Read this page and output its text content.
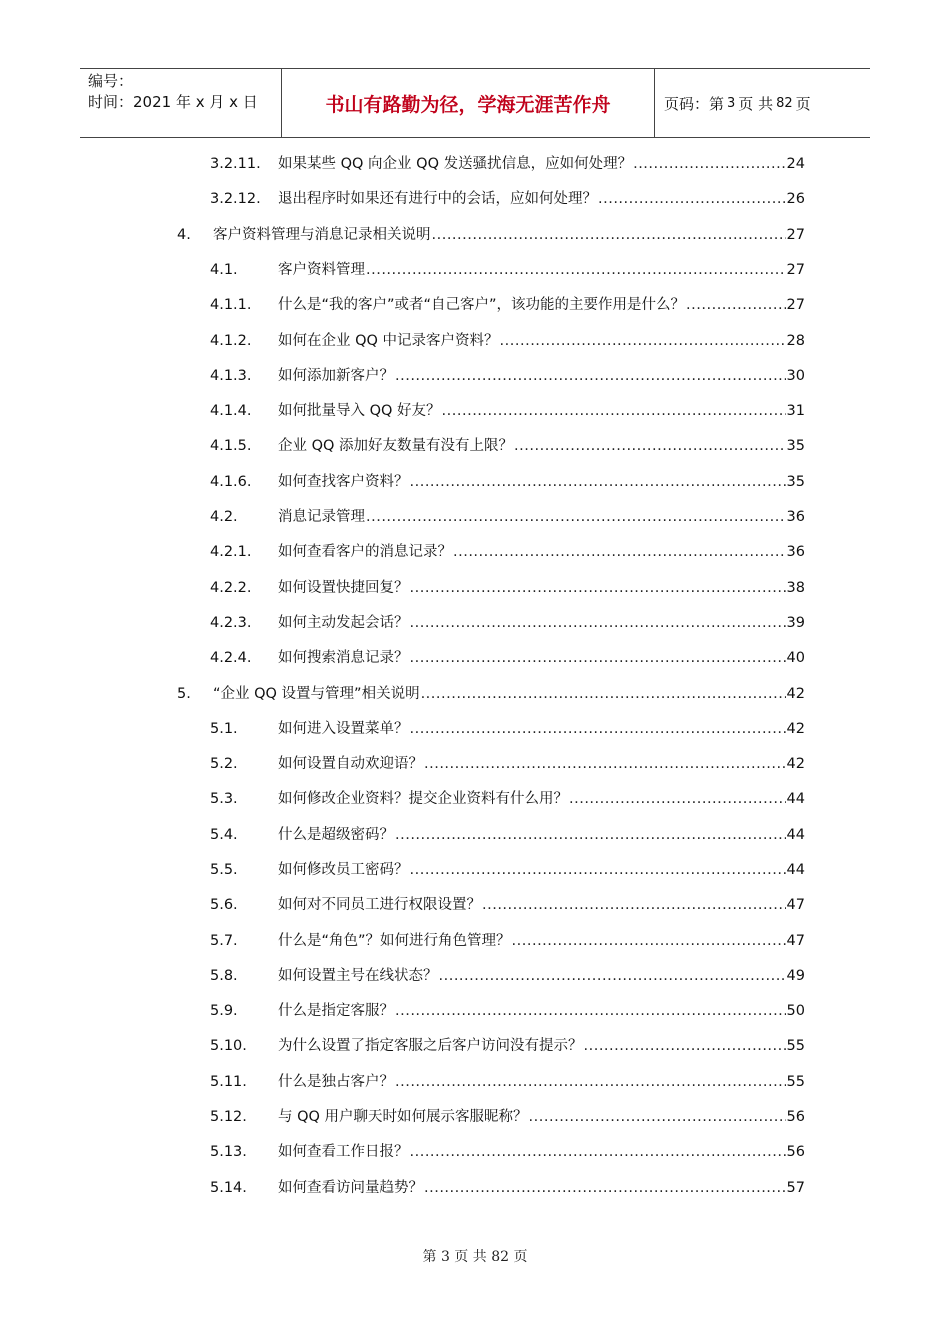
编号：
时间：2021 年 x 月 x 日	书山有路勤为径，学海无涯苦作舟	页码：第 3 页 共 82 页
3.2.11.	如果某些 QQ 向企业 QQ 发送骚扰信息，应如何处理？ .....	24
3.2.12.	退出程序时如果还有进行中的会话，应如何处理？ .....	26
4.	客户资料管理与消息记录相关说明 .....	27
4.1.	客户资料管理 .....	27
4.1.1.	什么是“我的客户”或者“自己客户”，该功能的主要作用是什么？ .....	27
4.1.2.	如何在企业 QQ 中记录客户资料？ .....	28
4.1.3.	如何添加新客户？ .....	30
4.1.4.	如何批量导入 QQ 好友？ .....	31
4.1.5.	企业 QQ 添加好友数量有没有上限？ .....	35
4.1.6.	如何查找客户资料？ .....	35
4.2.	消息记录管理 .....	36
4.2.1.	如何查看客户的消息记录？ .....	36
4.2.2.	如何设置快捷回复？ .....	38
4.2.3.	如何主动发起会话？ .....	39
4.2.4.	如何搜索消息记录？ .....	40
5.	“企业 QQ 设置与管理”相关说明 .....	42
5.1.	如何进入设置菜单？ .....	42
5.2.	如何设置自动欢迎语？ .....	42
5.3.	如何修改企业资料？提交企业资料有什么用？ .....	44
5.4.	什么是超级密码？ .....	44
5.5.	如何修改员工密码？ .....	44
5.6.	如何对不同员工进行权限设置？ .....	47
5.7.	什么是“角色”？如何进行角色管理？ .....	47
5.8.	如何设置主号在线状态？ .....	49
5.9.	什么是指定客服？ .....	50
5.10.	为什么设置了指定客服之后客户访问没有提示？ .....	55
5.11.	什么是独占客户？ .....	55
5.12.	与 QQ 用户聊天时如何展示客服昵称？ .....	56
5.13.	如何查看工作日报？ .....	56
5.14.	如何查看访问量趋势？ .....	57
第 3 页 共 82 页
